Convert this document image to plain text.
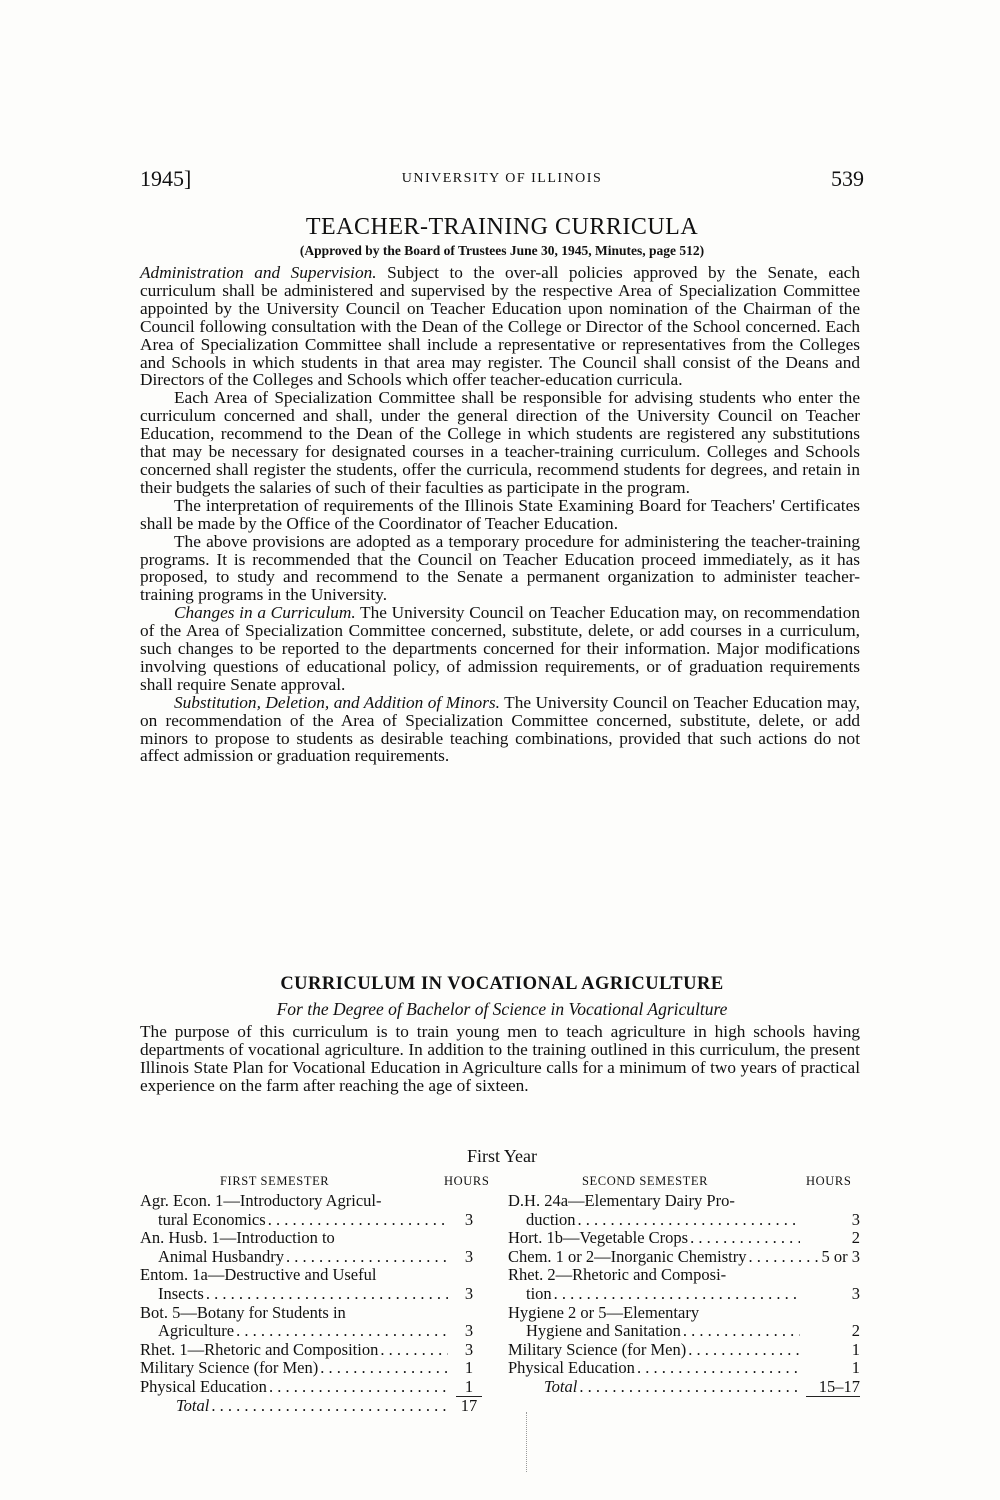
1945]	UNIVERSITY OF ILLINOIS	539
TEACHER-TRAINING CURRICULA
(Approved by the Board of Trustees June 30, 1945, Minutes, page 512)

Administration and Supervision. Subject to the over-all policies approved by the Senate, each curriculum shall be administered and supervised by the respective Area of Specialization Committee appointed by the University Council on Teacher Education upon nomination of the Chairman of the Council following consultation with the Dean of the College or Director of the School concerned. Each Area of Specialization Committee shall include a representative or representatives from the Colleges and Schools in which students in that area may register. The Council shall consist of the Deans and Directors of the Colleges and Schools which offer teacher-education curricula.

Each Area of Specialization Committee shall be responsible for advising students who enter the curriculum concerned and shall, under the general direction of the University Council on Teacher Education, recommend to the Dean of the College in which students are registered any substitutions that may be necessary for designated courses in a teacher-training curriculum. Colleges and Schools concerned shall register the students, offer the curricula, recommend students for degrees, and retain in their budgets the salaries of such of their faculties as participate in the program.

The interpretation of requirements of the Illinois State Examining Board for Teachers' Certificates shall be made by the Office of the Coordinator of Teacher Education.

The above provisions are adopted as a temporary procedure for administering the teacher-training programs. It is recommended that the Council on Teacher Education proceed immediately, as it has proposed, to study and recommend to the Senate a permanent organization to administer teacher-training programs in the University.

Changes in a Curriculum. The University Council on Teacher Education may, on recommendation of the Area of Specialization Committee concerned, substitute, delete, or add courses in a curriculum, such changes to be reported to the departments concerned for their information. Major modifications involving questions of educational policy, of admission requirements, or of graduation requirements shall require Senate approval.

Substitution, Deletion, and Addition of Minors. The University Council on Teacher Education may, on recommendation of the Area of Specialization Committee concerned, substitute, delete, or add minors to propose to students as desirable teaching combinations, provided that such actions do not affect admission or graduation requirements.

CURRICULUM IN VOCATIONAL AGRICULTURE
For the Degree of Bachelor of Science in Vocational Agriculture

The purpose of this curriculum is to train young men to teach agriculture in high schools having departments of vocational agriculture. In addition to the training outlined in this curriculum, the present Illinois State Plan for Vocational Education in Agriculture calls for a minimum of two years of practical experience on the farm after reaching the age of sixteen.

First Year
FIRST SEMESTER	HOURS	SECOND SEMESTER	HOURS
Agr. Econ. 1—Introductory Agricul-
tural Economics . . .	3
An. Husb. 1—Introduction to
Animal Husbandry . . .	3
Entom. 1a—Destructive and Useful
Insects . . .	3
Bot. 5—Botany for Students in
Agriculture . . .	3
Rhet. 1—Rhetoric and Composition . . .	3
Military Science (for Men) . . .	1
Physical Education . . .	1
Total . . .	17
D.H. 24a—Elementary Dairy Pro-
duction . . .	3
Hort. 1b—Vegetable Crops . . .	2
Chem. 1 or 2—Inorganic Chemistry . . .	5 or 3
Rhet. 2—Rhetoric and Composi-
tion . . .	3
Hygiene 2 or 5—Elementary
Hygiene and Sanitation . . .	2
Military Science (for Men) . . .	1
Physical Education . . .	1
Total . . .	15–17
